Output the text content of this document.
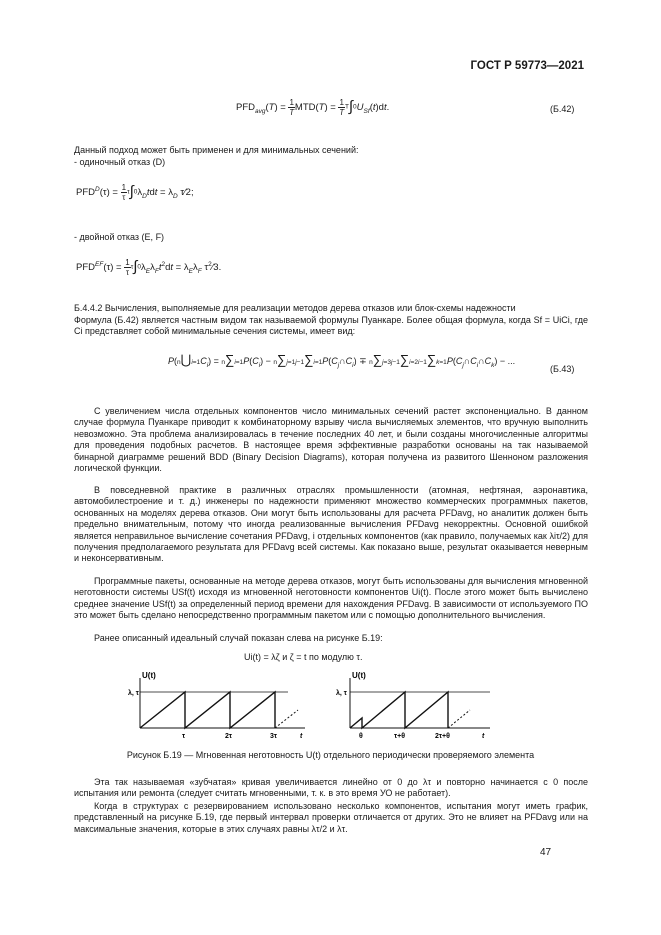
ГОСТ Р 59773—2021
$PFD_{avg}(T) = \frac{1}{T} MTD(T) = \frac{1}{T} T\int 0U_{Sf}(t)dt$.	(Б.42)
Данный подход может быть применен и для минимальных сечений:
- одиночный отказ (D)
$PFD^D(\tau) = \frac{1}{\tau} \tau\int 0\lambda_Dtdt = \lambda_D$ τ⁄2;
- двойной отказ (E, F)
$PFD^{EF}(\tau) = \frac{1}{\tau} \tau\int 0\lambda_E\lambda_Ft^2dt = \lambda_E\lambda_F$ $\tau^2⁄3$.
Б.4.4.2 Вычисления, выполняемые для реализации методов дерева отказов или блок-схемы надежности
Формула (Б.42) является частным видом так называемой формулы Пуанкаре. Более общая формула, когда Sf = UiCi, где Ci представляет собой минимальные сечения системы, имеет вид:
$P(n⋃i=1C_i) = n\sum i=1P(C_i)$ − $n\sum j=1j-1\sum i=1P(C_j\cap C_i)$ ∓ $n\sum j=3j-1\sum i=2i-1\sum k=1P(C_j\cap C_i\cap C_k)$ − ...
(Б.43)
С увеличением числа отдельных компонентов число минимальных сечений растет экспоненциально. В данном случае формула Пуанкаре приводит к комбинаторному взрыву числа вычисляемых элементов, что вручную выполнить невозможно. Эта проблема анализировалась в течение последних 40 лет, и были созданы многочисленные алгоритмы для проведения подобных расчетов. В настоящее время эффективные разработки основаны на так называемой бинарной диаграмме решений BDD (Binary Decision Diagrams), которая получена из развитого Шенноном разложения логической функции.
В повседневной практике в различных отраслях промышленности (атомная, нефтяная, аэронавтика, автомобилестроение и т. д.) инженеры по надежности применяют множество коммерческих программных пакетов, основанных на моделях дерева отказов. Они могут быть использованы для расчета PFDavg, но аналитик должен быть предельно внимательным, потому что иногда реализованные вычисления PFDavg некорректны. Основной ошибкой является неправильное вычисление сочетания PFDavg, i отдельных компонентов (как правило, получаемых как λiτ/2) для получения предполагаемого результата для PFDavg всей системы. Как показано выше, результат оказывается неверным и неконсервативным.
Программные пакеты, основанные на методе дерева отказов, могут быть использованы для вычисления мгновенной неготовности системы USf(t) исходя из мгновенной неготовности компонентов Ui(t). После этого может быть вычислено среднее значение USf(t) за определенный период времени для нахождения PFDavg. В зависимости от используемого ПО это может быть сделано непосредственно программным пакетом или с помощью дополнительного вычисления.
Ранее описанный идеальный случай показан слева на рисунке Б.19:
Ui(t) = λζ и ζ = t по модулю τ.
U(t)
λ, τ
τ	2τ	3τ	t
U(t)
λ, τ
θ	τ+θ	2τ+θ	t
Рисунок Б.19 — Мгновенная неготовность U(t) отдельного периодически проверяемого элемента
Эта так называемая «зубчатая» кривая увеличивается линейно от 0 до λτ и повторно начинается с 0 после испытания или ремонта (следует считать мгновенными, т. к. в это время УО не работает).
Когда в структурах с резервированием использовано несколько компонентов, испытания могут иметь график, представленный на рисунке Б.19, где первый интервал проверки отличается от других. Это не влияет на PFDavg или на максимальные значения, которые в этих случаях равны λτ/2 и λτ.
47
